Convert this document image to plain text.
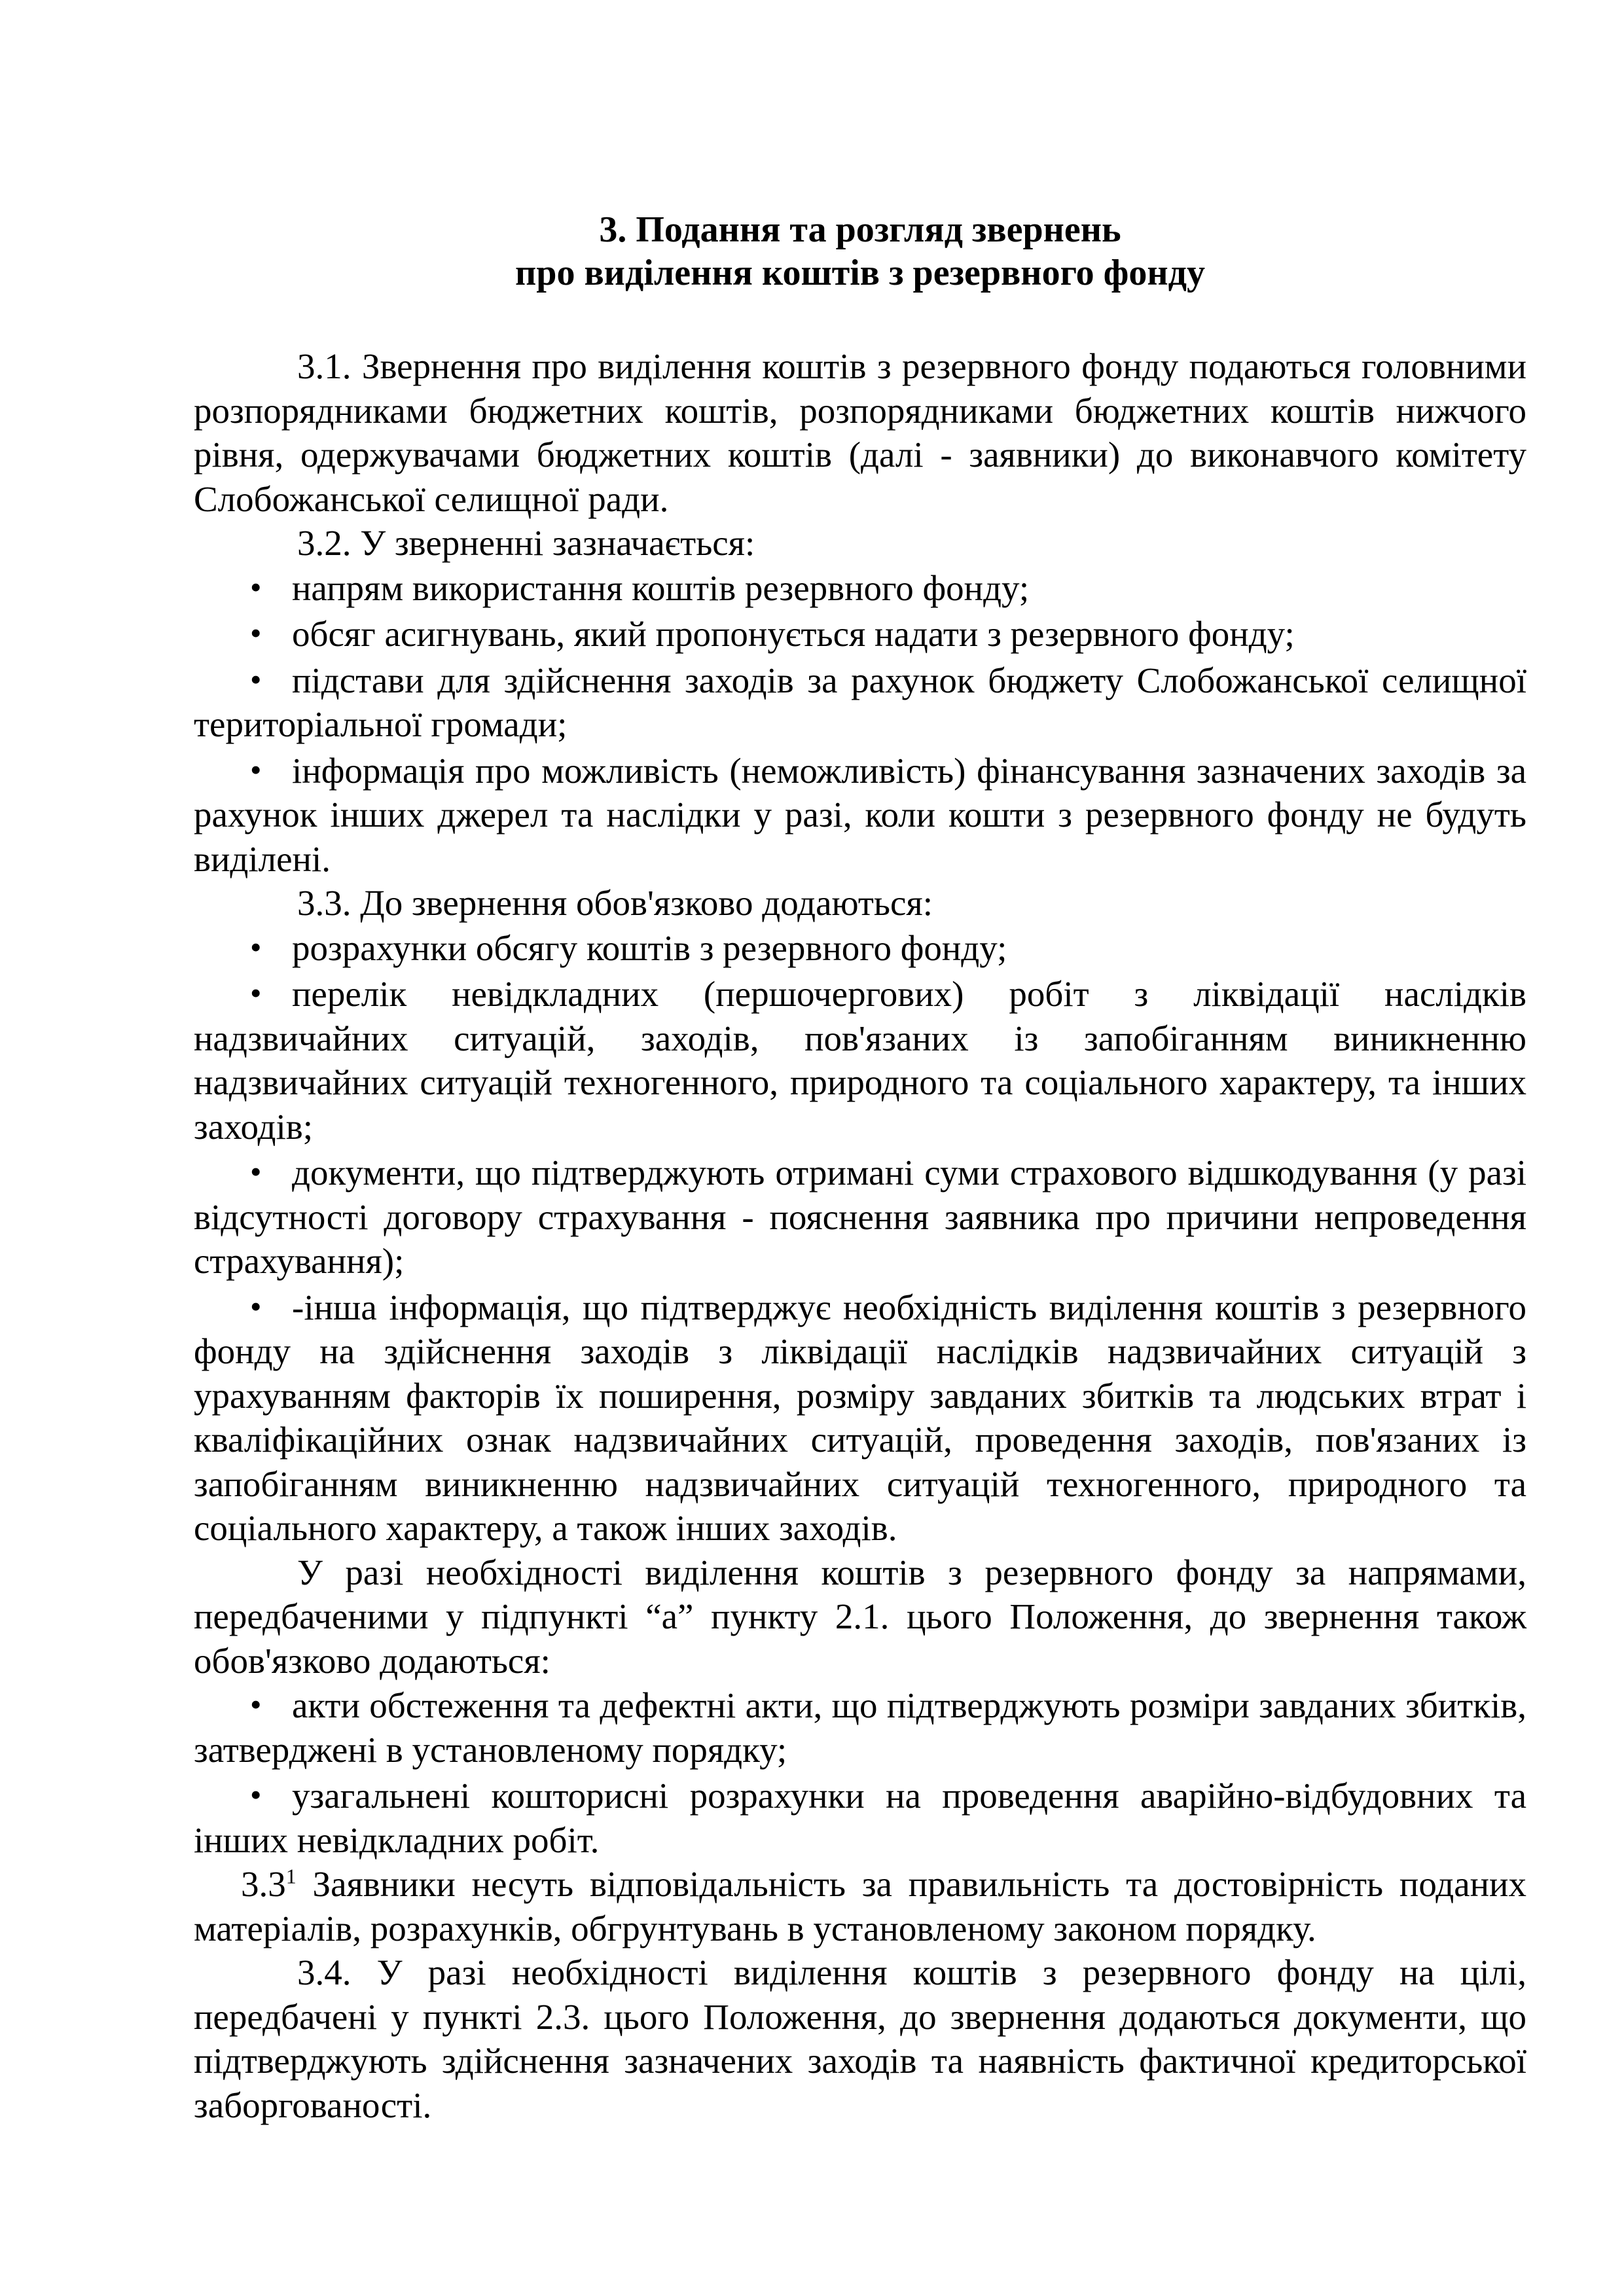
3. Подання та розгляд звернень
про виділення коштів з резервного фонду

3.1. Звернення про виділення коштів з резервного фонду подаються головними розпорядниками бюджетних коштів, розпорядниками бюджетних коштів нижчого рівня, одержувачами бюджетних коштів (далі - заявники) до виконавчого комітету Слобожанської селищної ради.

3.2. У зверненні зазначається:

• напрям використання коштів резервного фонду;

• обсяг асигнувань, який пропонується надати з резервного фонду;

• підстави для здійснення заходів за рахунок бюджету Слобожанської селищної територіальної громади;

• інформація про можливість (неможливість) фінансування зазначених заходів за рахунок інших джерел та наслідки у разі, коли кошти з резервного фонду не будуть виділені.

3.3. До звернення обов'язково додаються:

• розрахунки обсягу коштів з резервного фонду;

• перелік невідкладних (першочергових) робіт з ліквідації наслідків надзвичайних ситуацій, заходів, пов'язаних із запобіганням виникненню надзвичайних ситуацій техногенного, природного та соціального характеру, та інших заходів;

• документи, що підтверджують отримані суми страхового відшкодування (у разі відсутності договору страхування - пояснення заявника про причини непроведення страхування);

• -інша інформація, що підтверджує необхідність виділення коштів з резервного фонду на здійснення заходів з ліквідації наслідків надзвичайних ситуацій з урахуванням факторів їх поширення, розміру завданих збитків та людських втрат і кваліфікаційних ознак надзвичайних ситуацій, проведення заходів, пов'язаних із запобіганням виникненню надзвичайних ситуацій техногенного, природного та соціального характеру, а також інших заходів.

У разі необхідності виділення коштів з резервного фонду за напрямами, передбаченими у підпункті “а” пункту 2.1. цього Положення, до звернення також обов'язково додаються:

• акти обстеження та дефектні акти, що підтверджують розміри завданих збитків, затверджені в установленому порядку;

• узагальнені кошторисні розрахунки на проведення аварійно-відбудовних та інших невідкладних робіт.

$3.3^1$ Заявники несуть відповідальність за правильність та достовірність поданих матеріалів, розрахунків, обгрунтувань в установленому законом порядку.

3.4. У разі необхідності виділення коштів з резервного фонду на цілі, передбачені у пункті 2.3. цього Положення, до звернення додаються документи, що підтверджують здійснення зазначених заходів та наявність фактичної кредиторської заборгованості.
